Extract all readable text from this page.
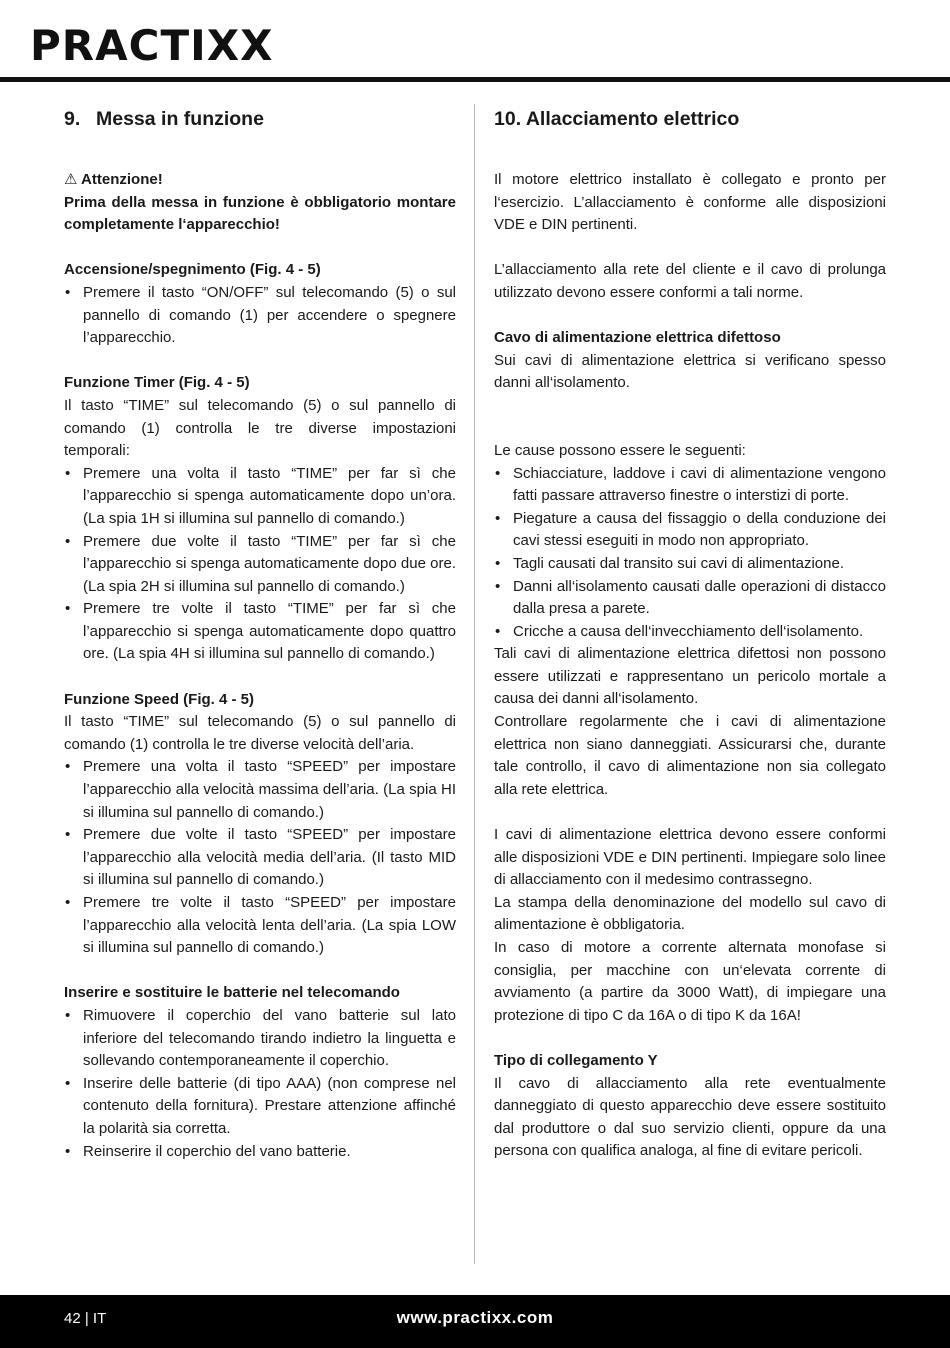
PRACTIXX
9. Messa in funzione

⚠ Attenzione!

Prima della messa in funzione è obbligatorio montare completamente l‘apparecchio!

Accensione/spegnimento (Fig. 4 - 5)

• Premere il tasto “ON/OFF” sul telecomando (5) o sul pannello di comando (1) per accendere o spegnere l’apparecchio.

Funzione Timer (Fig. 4 - 5)

Il tasto “TIME” sul telecomando (5) o sul pannello di comando (1) controlla le tre diverse impostazioni temporali:

• Premere una volta il tasto “TIME” per far sì che l’apparecchio si spenga automaticamente dopo un’ora. (La spia 1H si illumina sul pannello di comando.)
• Premere due volte il tasto “TIME” per far sì che l’apparecchio si spenga automaticamente dopo due ore. (La spia 2H si illumina sul pannello di comando.)
• Premere tre volte il tasto “TIME” per far sì che l’apparecchio si spenga automaticamente dopo quattro ore. (La spia 4H si illumina sul pannello di comando.)

Funzione Speed (Fig. 4 - 5)

Il tasto “TIME” sul telecomando (5) o sul pannello di comando (1) controlla le tre diverse velocità dell’aria.

• Premere una volta il tasto “SPEED” per impostare l’apparecchio alla velocità massima dell’aria. (La spia HI si illumina sul pannello di comando.)
• Premere due volte il tasto “SPEED” per impostare l’apparecchio alla velocità media dell’aria. (Il tasto MID si illumina sul pannello di comando.)
• Premere tre volte il tasto “SPEED” per impostare l’apparecchio alla velocità lenta dell’aria. (La spia LOW si illumina sul pannello di comando.)

Inserire e sostituire le batterie nel telecomando

• Rimuovere il coperchio del vano batterie sul lato inferiore del telecomando tirando indietro la linguetta e sollevando contemporaneamente il coperchio.
• Inserire delle batterie (di tipo AAA) (non comprese nel contenuto della fornitura). Prestare attenzione affinché la polarità sia corretta.
• Reinserire il coperchio del vano batterie.
10. Allacciamento elettrico

Il motore elettrico installato è collegato e pronto per l‘esercizio. L’allacciamento è conforme alle disposizioni VDE e DIN pertinenti.

L’allacciamento alla rete del cliente e il cavo di prolunga utilizzato devono essere conformi a tali norme.

Cavo di alimentazione elettrica difettoso

Sui cavi di alimentazione elettrica si verificano spesso danni all‘isolamento.

Le cause possono essere le seguenti:

• Schiacciature, laddove i cavi di alimentazione vengono fatti passare attraverso finestre o interstizi di porte.
• Piegature a causa del fissaggio o della conduzione dei cavi stessi eseguiti in modo non appropriato.
• Tagli causati dal transito sui cavi di alimentazione.
• Danni all‘isolamento causati dalle operazioni di distacco dalla presa a parete.
• Cricche a causa dell‘invecchiamento dell‘isolamento.

Tali cavi di alimentazione elettrica difettosi non possono essere utilizzati e rappresentano un pericolo mortale a causa dei danni all‘isolamento.

Controllare regolarmente che i cavi di alimentazione elettrica non siano danneggiati. Assicurarsi che, durante tale controllo, il cavo di alimentazione non sia collegato alla rete elettrica.

I cavi di alimentazione elettrica devono essere conformi alle disposizioni VDE e DIN pertinenti. Impiegare solo linee di allacciamento con il medesimo contrassegno.

La stampa della denominazione del modello sul cavo di alimentazione è obbligatoria.

In caso di motore a corrente alternata monofase si consiglia, per macchine con un‘elevata corrente di avviamento (a partire da 3000 Watt), di impiegare una protezione di tipo C da 16A o di tipo K da 16A!

Tipo di collegamento Y

Il cavo di allacciamento alla rete eventualmente danneggiato di questo apparecchio deve essere sostituito dal produttore o dal suo servizio clienti, oppure da una persona con qualifica analoga, al fine di evitare pericoli.

42 | IT	www.practixx.com
